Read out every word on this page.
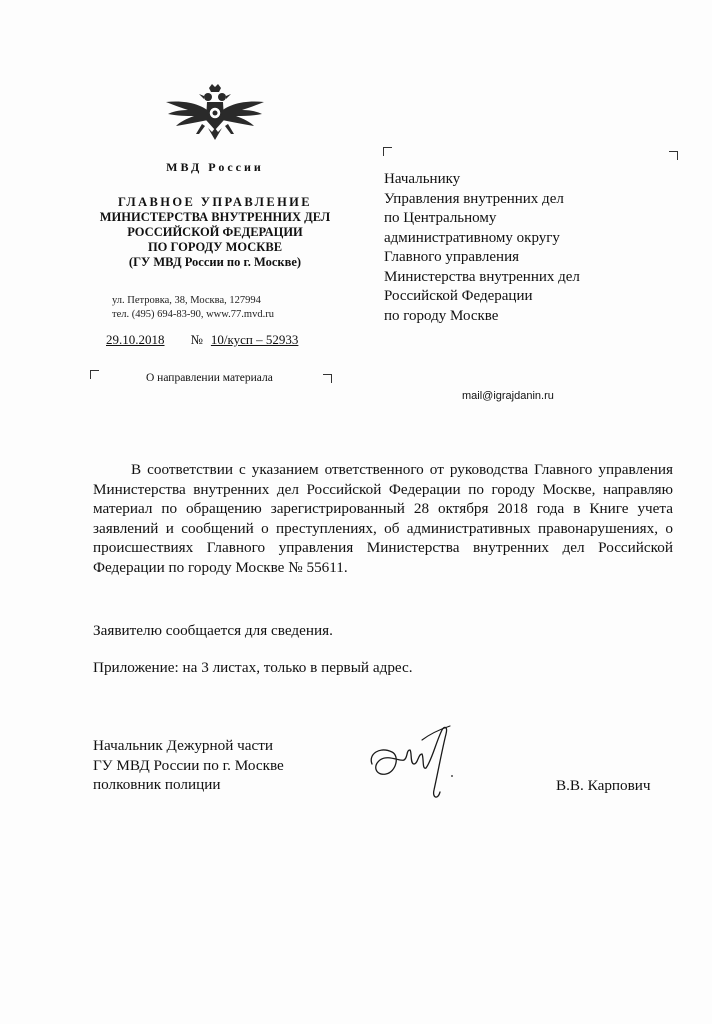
МВД России
ГЛАВНОЕ УПРАВЛЕНИЕ
МИНИСТЕРСТВА ВНУТРЕННИХ ДЕЛ
РОССИЙСКОЙ ФЕДЕРАЦИИ
ПО ГОРОДУ МОСКВЕ
(ГУ МВД России по г. Москве)
ул. Петровка, 38, Москва, 127994
тел. (495) 694-83-90, www.77.mvd.ru
29.10.2018 № 10/кусп – 52933
О направлении материала
Начальнику
Управления внутренних дел
по Центральному
административному округу
Главного управления
Министерства внутренних дел
Российской Федерации
по городу Москве
mail@igrajdanin.ru
В соответствии с указанием ответственного от руководства Главного управления Министерства внутренних дел Российской Федерации по городу Москве, направляю материал по обращению зарегистрированный 28 октября 2018 года в Книге учета заявлений и сообщений о преступлениях, об административных правонарушениях, о происшествиях Главного управления Министерства внутренних дел Российской Федерации по городу Москве № 55611.
Заявителю сообщается для сведения.
Приложение: на 3 листах, только в первый адрес.
Начальник Дежурной части
ГУ МВД России по г. Москве
полковник полиции	В.В. Карпович
